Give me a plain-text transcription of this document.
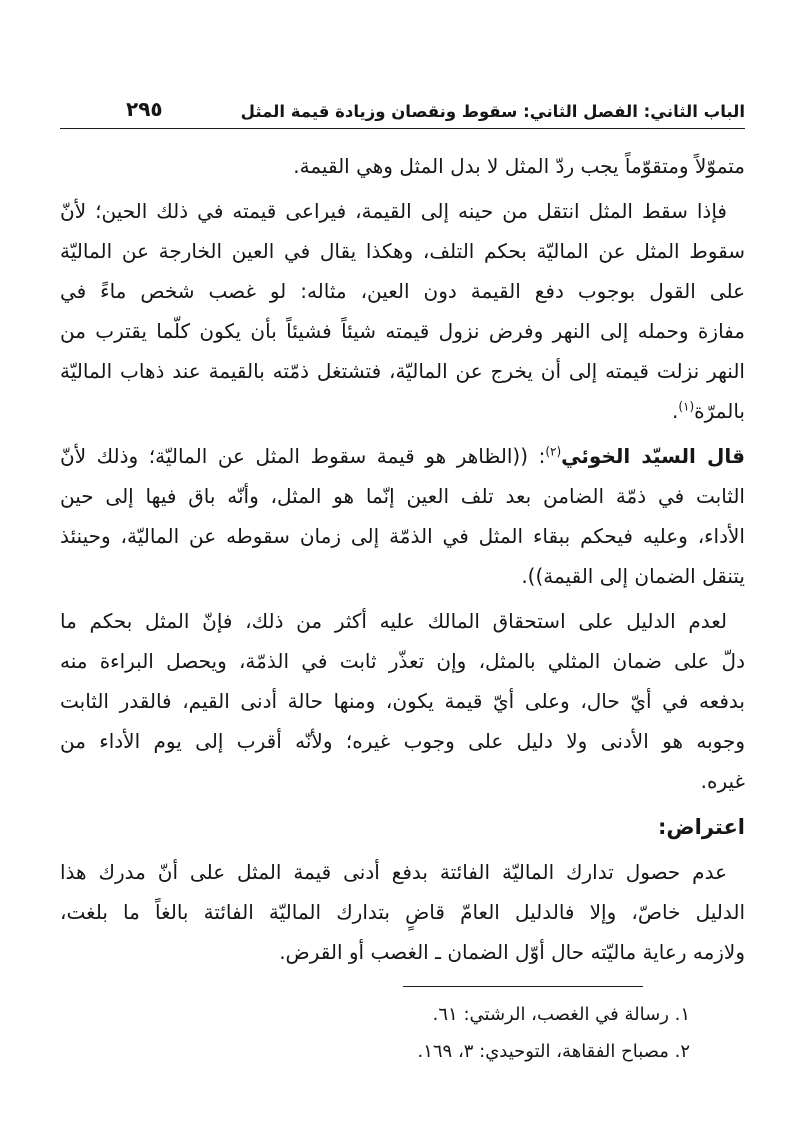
الباب الثاني: الفصل الثاني: سقوط ونقصان وزيادة قيمة المثل
٢٩٥
متموّلاً ومتقوّماً يجب ردّ المثل لا بدل المثل وهي القيمة.
فإذا سقط المثل انتقل من حينه إلى القيمة، فيراعى قيمته في ذلك الحين؛ لأنّ
سقوط المثل عن الماليّة بحكم التلف، وهكذا يقال في العين الخارجة عن الماليّة
على القول بوجوب دفع القيمة دون العين، مثاله: لو غصب شخص ماءً في
مفازة وحمله إلى النهر وفرض نزول قيمته شيئاً فشيئاً بأن يكون كلّما يقترب من
النهر نزلت قيمته إلى أن يخرج عن الماليّة، فتشتغل ذمّته بالقيمة عند ذهاب الماليّة
بالمرّة$^{(١)}$.
قال السيّد الخوئي$^{(٢)}$: ((الظاهر هو قيمة سقوط المثل عن الماليّة؛ وذلك لأنّ
الثابت في ذمّة الضامن بعد تلف العين إنّما هو المثل، وأنّه باق فيها إلى حين
الأداء، وعليه فيحكم ببقاء المثل في الذمّة إلى زمان سقوطه عن الماليّة، وحينئذ
يتنقل الضمان إلى القيمة)).
لعدم الدليل على استحقاق المالك عليه أكثر من ذلك، فإنّ المثل بحكم ما
دلّ على ضمان المثلي بالمثل، وإن تعذّر ثابت في الذمّة، ويحصل البراءة منه
بدفعه في أيّ حال، وعلى أيّ قيمة يكون، ومنها حالة أدنى القيم، فالقدر الثابت
وجوبه هو الأدنى ولا دليل على وجوب غيره؛ ولأنّه أقرب إلى يوم الأداء من
غيره.
اعتراض:
عدم حصول تدارك الماليّة الفائتة بدفع أدنى قيمة المثل على أنّ مدرك هذا
الدليل خاصّ، وإلا فالدليل العامّ قاضٍ بتدارك الماليّة الفائتة بالغاً ما بلغت،
ولازمه رعاية ماليّته حال أوّل الضمان ـ الغصب أو القرض.
١. رسالة في الغصب، الرشتي: ٦١.
٢. مصباح الفقاهة، التوحيدي: ٣، ١٦٩.
